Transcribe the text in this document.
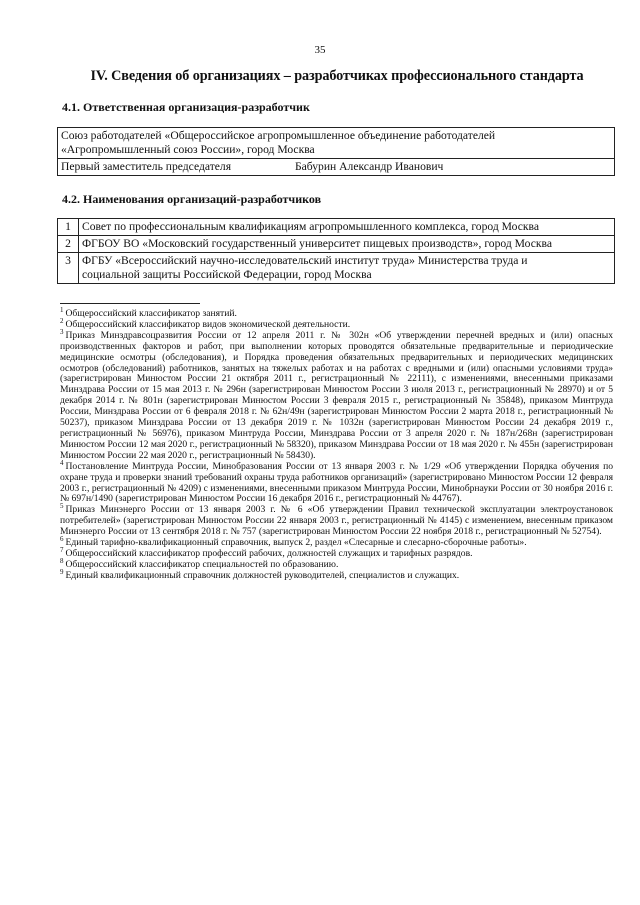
35
IV. Сведения об организациях – разработчиках профессионального стандарта
4.1. Ответственная организация-разработчик
Союз работодателей «Общероссийское агропромышленное объединение работодателей
«Агропромышленный союз России», город Москва

Первый заместитель председателя	Бабурин Александр Иванович
4.2. Наименования организаций-разработчиков
1	Совет по профессиональным квалификациям агропромышленного комплекса, город Москва

2	ФГБОУ ВО «Московский государственный университет пищевых производств», город Москва

3	ФГБУ «Всероссийский научно-исследовательский институт труда» Министерства труда и
социальной защиты Российской Федерации, город Москва

$^1$ Общероссийский классификатор занятий.

$^2$ Общероссийский классификатор видов экономической деятельности.

$^3$ Приказ Минздравсоцразвития России от 12 апреля 2011 г. № 302н «Об утверждении перечней вредных и (или) опасных производственных факторов и работ, при выполнении которых проводятся обязательные предварительные и периодические медицинские осмотры (обследования), и Порядка проведения обязательных предварительных и периодических медицинских осмотров (обследований) работников, занятых на тяжелых работах и на работах с вредными и (или) опасными условиями труда» (зарегистрирован Минюстом России 21 октября 2011 г., регистрационный № 22111), с изменениями, внесенными приказами Минздрава России от 15 мая 2013 г. № 296н (зарегистрирован Минюстом России 3 июля 2013 г., регистрационный № 28970) и от 5 декабря 2014 г. № 801н (зарегистрирован Минюстом России 3 февраля 2015 г., регистрационный № 35848), приказом Минтруда России, Минздрава России от 6 февраля 2018 г. № 62н/49н (зарегистрирован Минюстом России 2 марта 2018 г., регистрационный № 50237), приказом Минздрава России от 13 декабря 2019 г. № 1032н (зарегистрирован Минюстом России 24 декабря 2019 г., регистрационный № 56976), приказом Минтруда России, Минздрава России от 3 апреля 2020 г. № 187н/268н (зарегистрирован Минюстом России 12 мая 2020 г., регистрационный № 58320), приказом Минздрава России от 18 мая 2020 г. № 455н (зарегистрирован Минюстом России 22 мая 2020 г., регистрационный № 58430).

$^4$ Постановление Минтруда России, Минобразования России от 13 января 2003 г. № 1/29 «Об утверждении Порядка обучения по охране труда и проверки знаний требований охраны труда работников организаций» (зарегистрировано Минюстом России 12 февраля 2003 г., регистрационный № 4209) с изменениями, внесенными приказом Минтруда России, Минобрнауки России от 30 ноября 2016 г. № 697н/1490 (зарегистрирован Минюстом России 16 декабря 2016 г., регистрационный № 44767).

$^5$ Приказ Минэнерго России от 13 января 2003 г. № 6 «Об утверждении Правил технической эксплуатации электроустановок потребителей» (зарегистрирован Минюстом России 22 января 2003 г., регистрационный № 4145) с изменением, внесенным приказом Минэнерго России от 13 сентября 2018 г. № 757 (зарегистрирован Минюстом России 22 ноября 2018 г., регистрационный № 52754).

$^6$ Единый тарифно-квалификационный справочник, выпуск 2, раздел «Слесарные и слесарно-сборочные работы».

$^7$ Общероссийский классификатор профессий рабочих, должностей служащих и тарифных разрядов.

$^8$ Общероссийский классификатор специальностей по образованию.

$^9$ Единый квалификационный справочник должностей руководителей, специалистов и служащих.
